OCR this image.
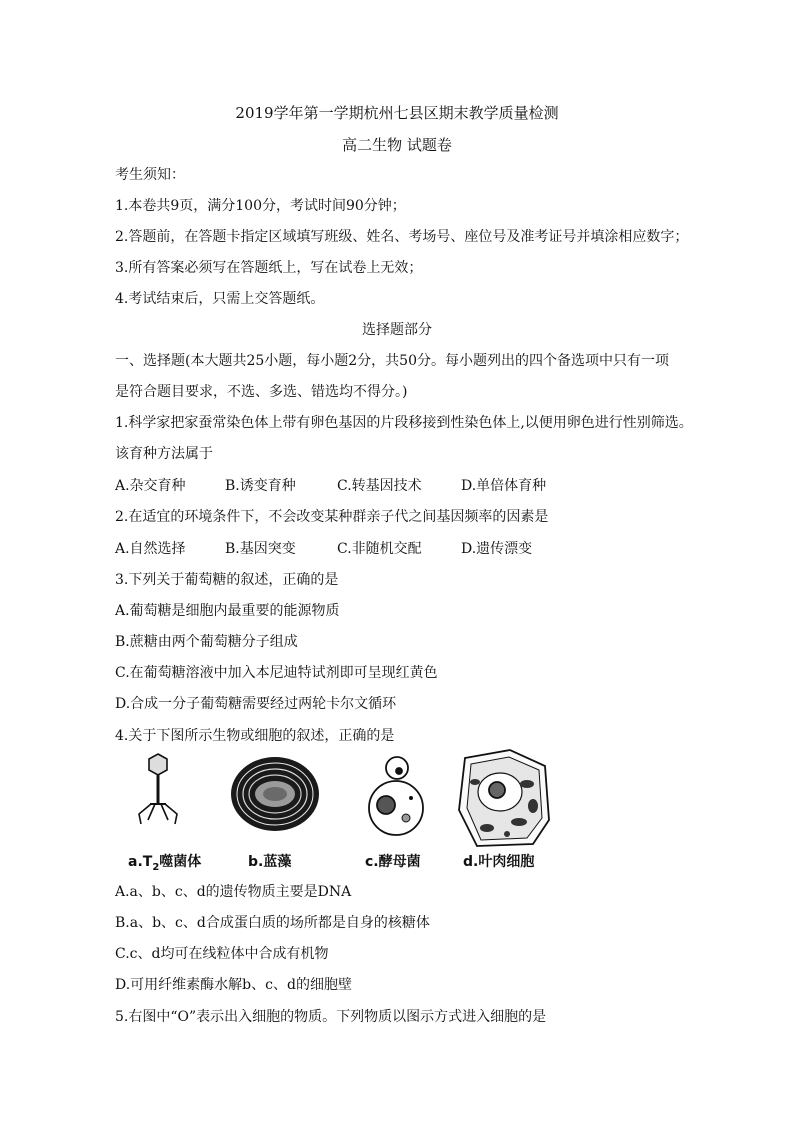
2019学年第一学期杭州七县区期末教学质量检测
高二生物 试题卷
考生须知：
1.本卷共9页，满分100分，考试时间90分钟；
2.答题前，在答题卡指定区域填写班级、姓名、考场号、座位号及准考证号并填涂相应数字；
3.所有答案必须写在答题纸上，写在试卷上无效；
4.考试结束后，只需上交答题纸。
选择题部分
一、选择题(本大题共25小题，每小题2分，共50分。每小题列出的四个备选项中只有一项
是符合题目要求，不选、多选、错选均不得分。)
1.科学家把家蚕常染色体上带有卵色基因的片段移接到性染色体上,以便用卵色进行性别筛选。
该育种方法属于
A.杂交育种	B.诱变育种	C.转基因技术	D.单倍体育种
2.在适宜的环境条件下，不会改变某种群亲子代之间基因频率的因素是
A.自然选择	B.基因突变	C.非随机交配	D.遗传漂变
3.下列关于葡萄糖的叙述，正确的是
A.葡萄糖是细胞内最重要的能源物质
B.蔗糖由两个葡萄糖分子组成
C.在葡萄糖溶液中加入本尼迪特试剂即可呈现红黄色
D.合成一分子葡萄糖需要经过两轮卡尔文循环
4.关于下图所示生物或细胞的叙述，正确的是
$a.T_2$噬菌体	b.蓝藻	c.酵母菌	d.叶肉细胞
A.a、b、c、d的遗传物质主要是DNA
B.a、b、c、d合成蛋白质的场所都是自身的核糖体
C.c、d均可在线粒体中合成有机物
D.可用纤维素酶水解b、c、d的细胞壁
5.右图中“O”表示出入细胞的物质。下列物质以图示方式进入细胞的是
